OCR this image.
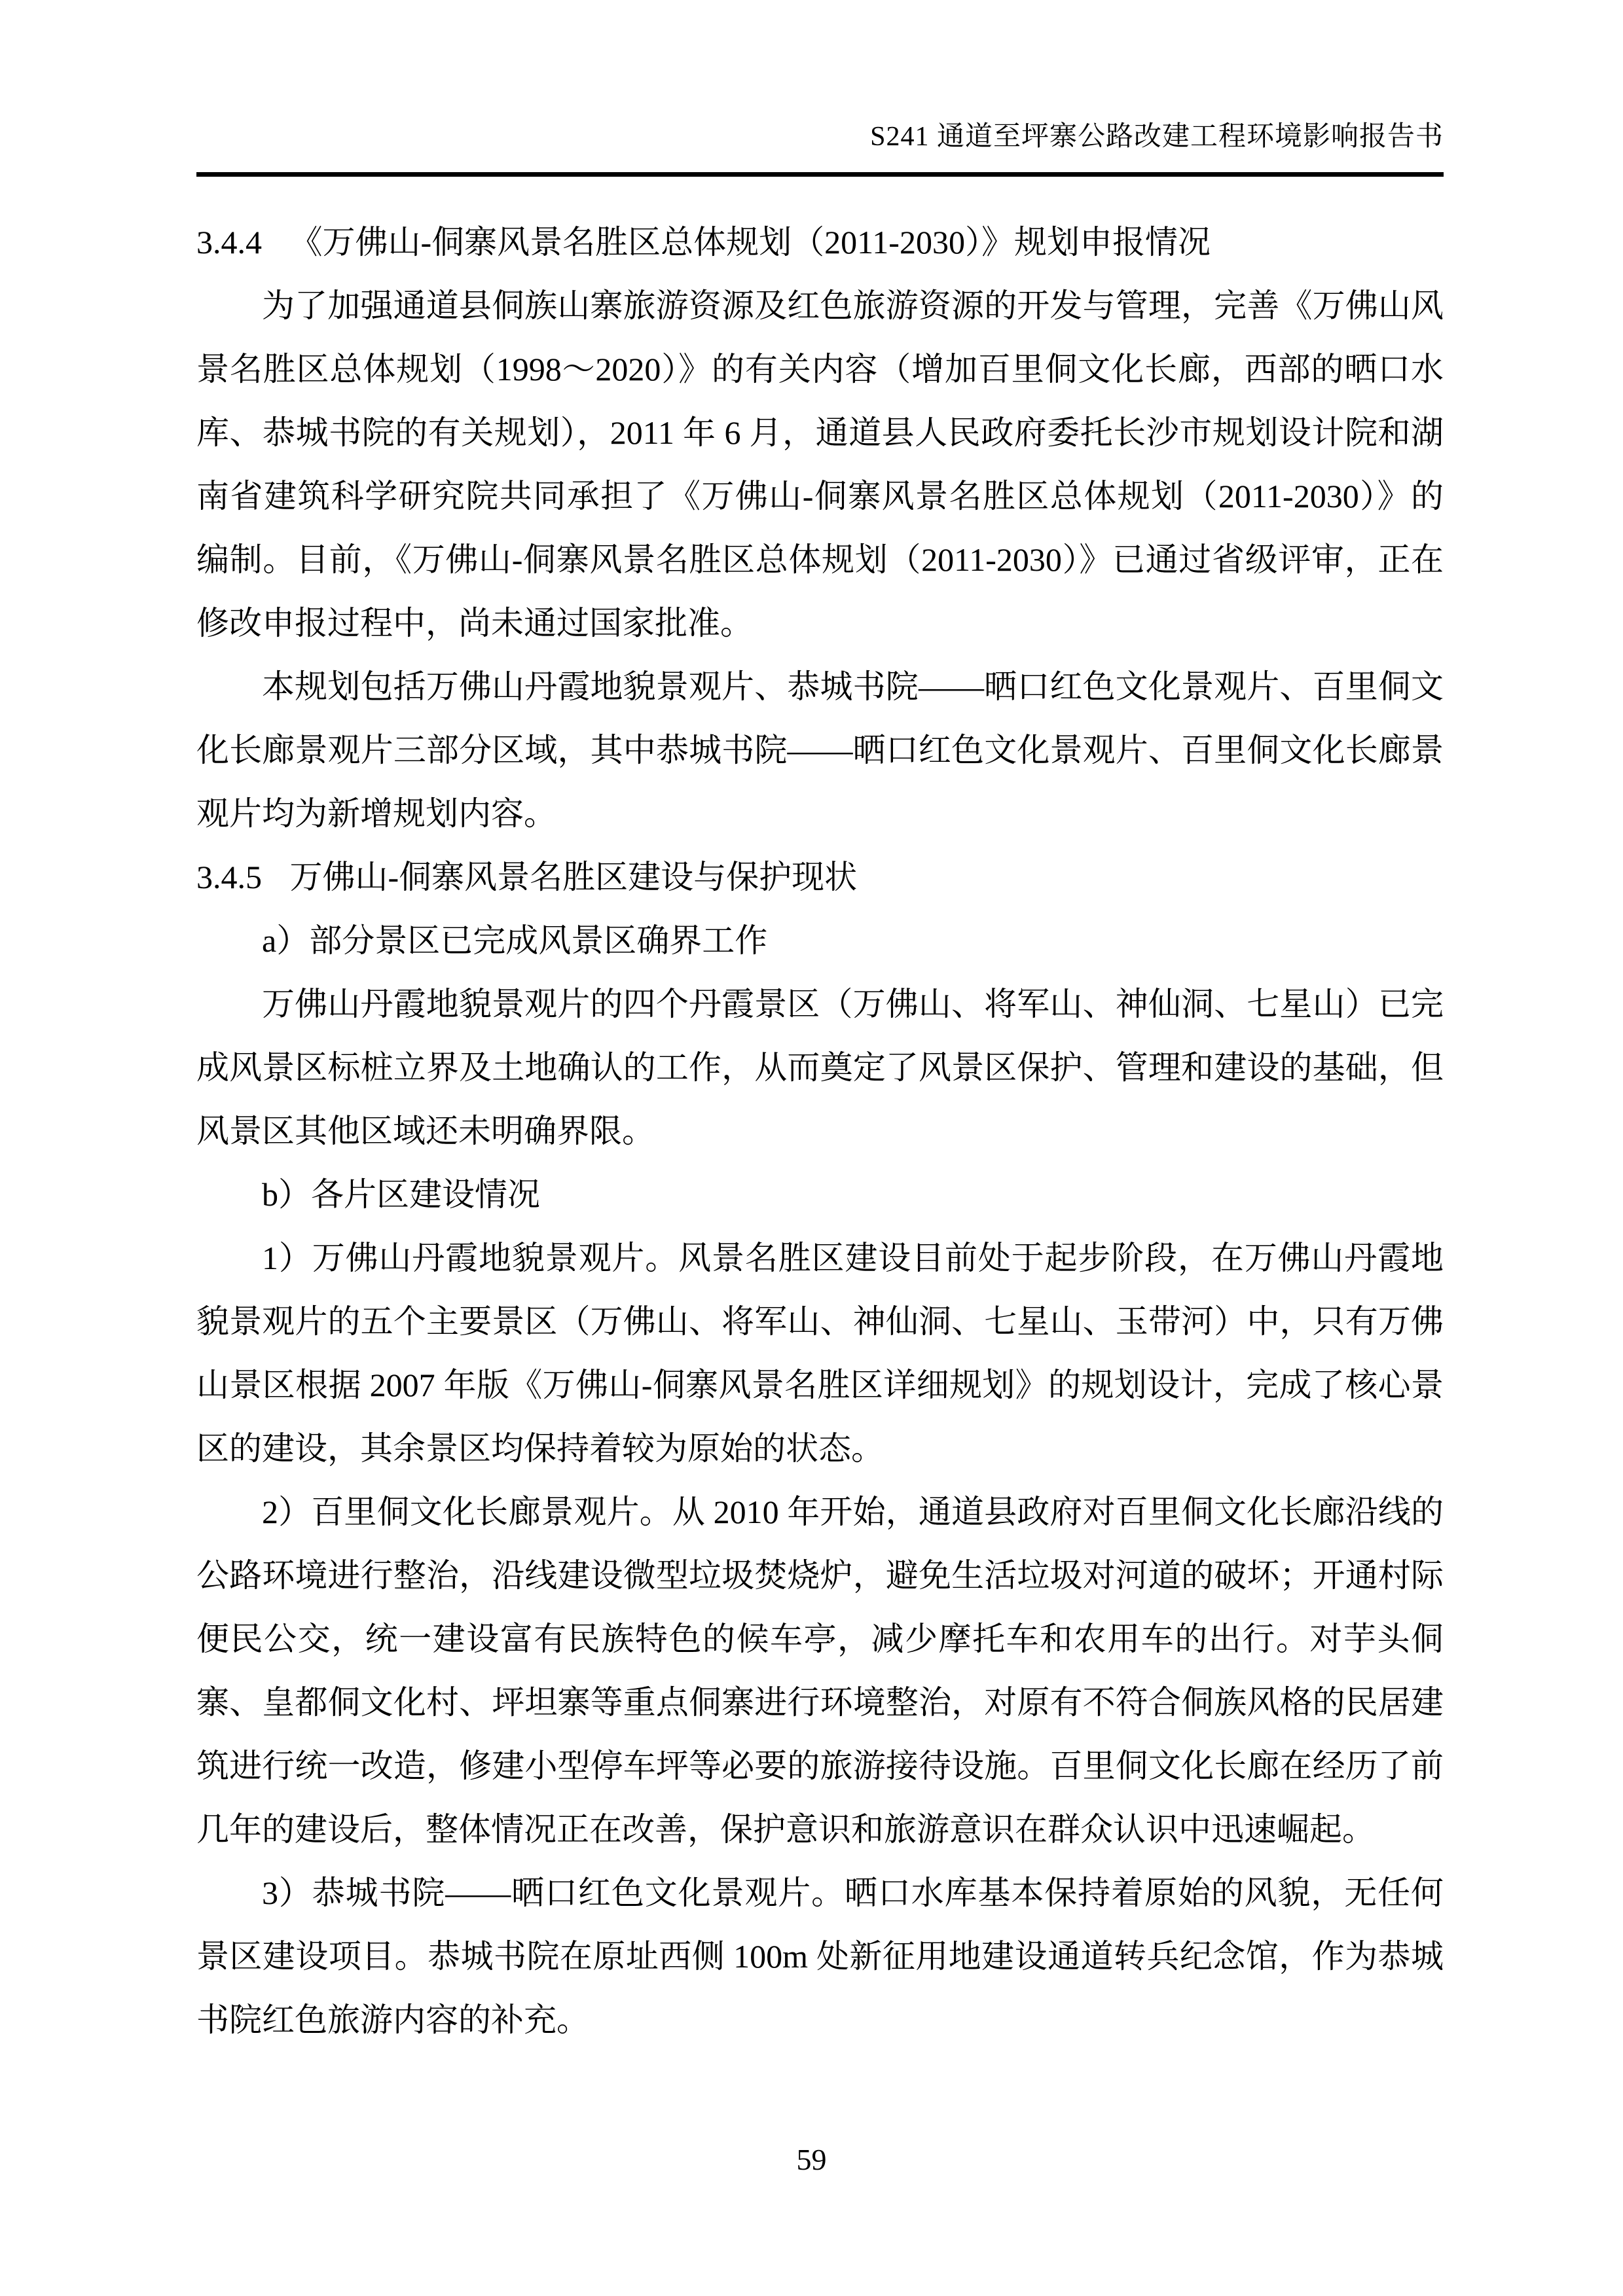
S241 通道至坪寨公路改建工程环境影响报告书
3.4.4 《万佛山-侗寨风景名胜区总体规划（2011-2030）》规划申报情况

为了加强通道县侗族山寨旅游资源及红色旅游资源的开发与管理，完善《万佛山风景名胜区总体规划（1998～2020）》的有关内容（增加百里侗文化长廊，西部的晒口水库、恭城书院的有关规划），2011 年 6 月，通道县人民政府委托长沙市规划设计院和湖南省建筑科学研究院共同承担了《万佛山-侗寨风景名胜区总体规划（2011-2030）》的编制。目前，《万佛山-侗寨风景名胜区总体规划（2011-2030）》已通过省级评审，正在修改申报过程中，尚未通过国家批准。

本规划包括万佛山丹霞地貌景观片、恭城书院——晒口红色文化景观片、百里侗文化长廊景观片三部分区域，其中恭城书院——晒口红色文化景观片、百里侗文化长廊景观片均为新增规划内容。

3.4.5 万佛山-侗寨风景名胜区建设与保护现状

a）部分景区已完成风景区确界工作

万佛山丹霞地貌景观片的四个丹霞景区（万佛山、将军山、神仙洞、七星山）已完成风景区标桩立界及土地确认的工作，从而奠定了风景区保护、管理和建设的基础，但风景区其他区域还未明确界限。

b）各片区建设情况

1）万佛山丹霞地貌景观片。风景名胜区建设目前处于起步阶段，在万佛山丹霞地貌景观片的五个主要景区（万佛山、将军山、神仙洞、七星山、玉带河）中，只有万佛山景区根据 2007 年版《万佛山-侗寨风景名胜区详细规划》的规划设计，完成了核心景区的建设，其余景区均保持着较为原始的状态。

2）百里侗文化长廊景观片。从 2010 年开始，通道县政府对百里侗文化长廊沿线的公路环境进行整治，沿线建设微型垃圾焚烧炉，避免生活垃圾对河道的破坏；开通村际便民公交，统一建设富有民族特色的候车亭，减少摩托车和农用车的出行。对芋头侗寨、皇都侗文化村、坪坦寨等重点侗寨进行环境整治，对原有不符合侗族风格的民居建筑进行统一改造，修建小型停车坪等必要的旅游接待设施。百里侗文化长廊在经历了前几年的建设后，整体情况正在改善，保护意识和旅游意识在群众认识中迅速崛起。

3）恭城书院——晒口红色文化景观片。晒口水库基本保持着原始的风貌，无任何景区建设项目。恭城书院在原址西侧 100m 处新征用地建设通道转兵纪念馆，作为恭城书院红色旅游内容的补充。

59
